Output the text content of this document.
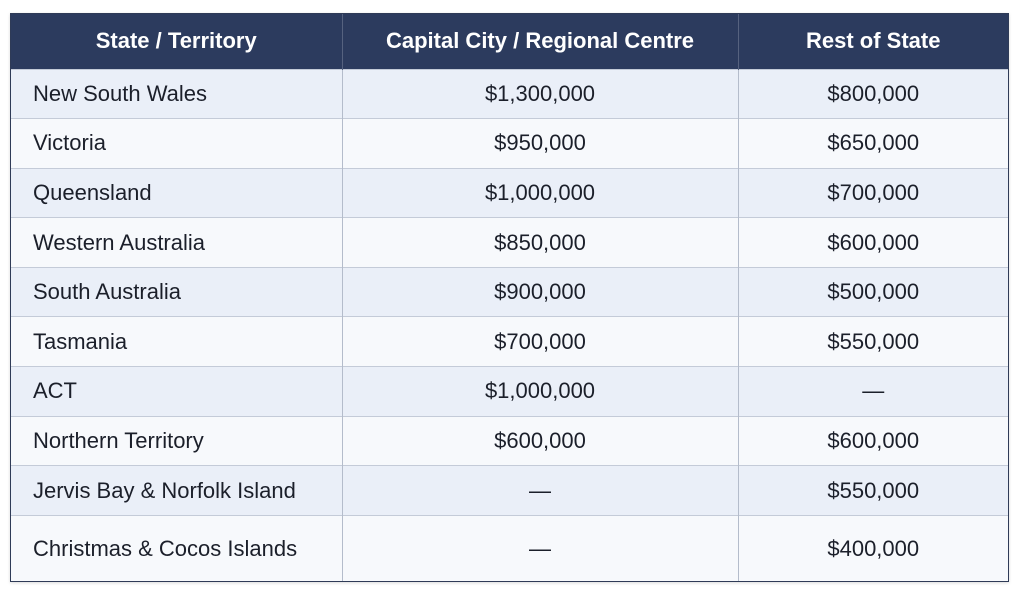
State / Territory	Capital City / Regional Centre	Rest of State
New South Wales	$1,300,000	$800,000
Victoria	$950,000	$650,000
Queensland	$1,000,000	$700,000
Western Australia	$850,000	$600,000
South Australia	$900,000	$500,000
Tasmania	$700,000	$550,000
ACT	$1,000,000	—
Northern Territory	$600,000	$600,000
Jervis Bay & Norfolk Island	—	$550,000
Christmas & Cocos Islands	—	$400,000
